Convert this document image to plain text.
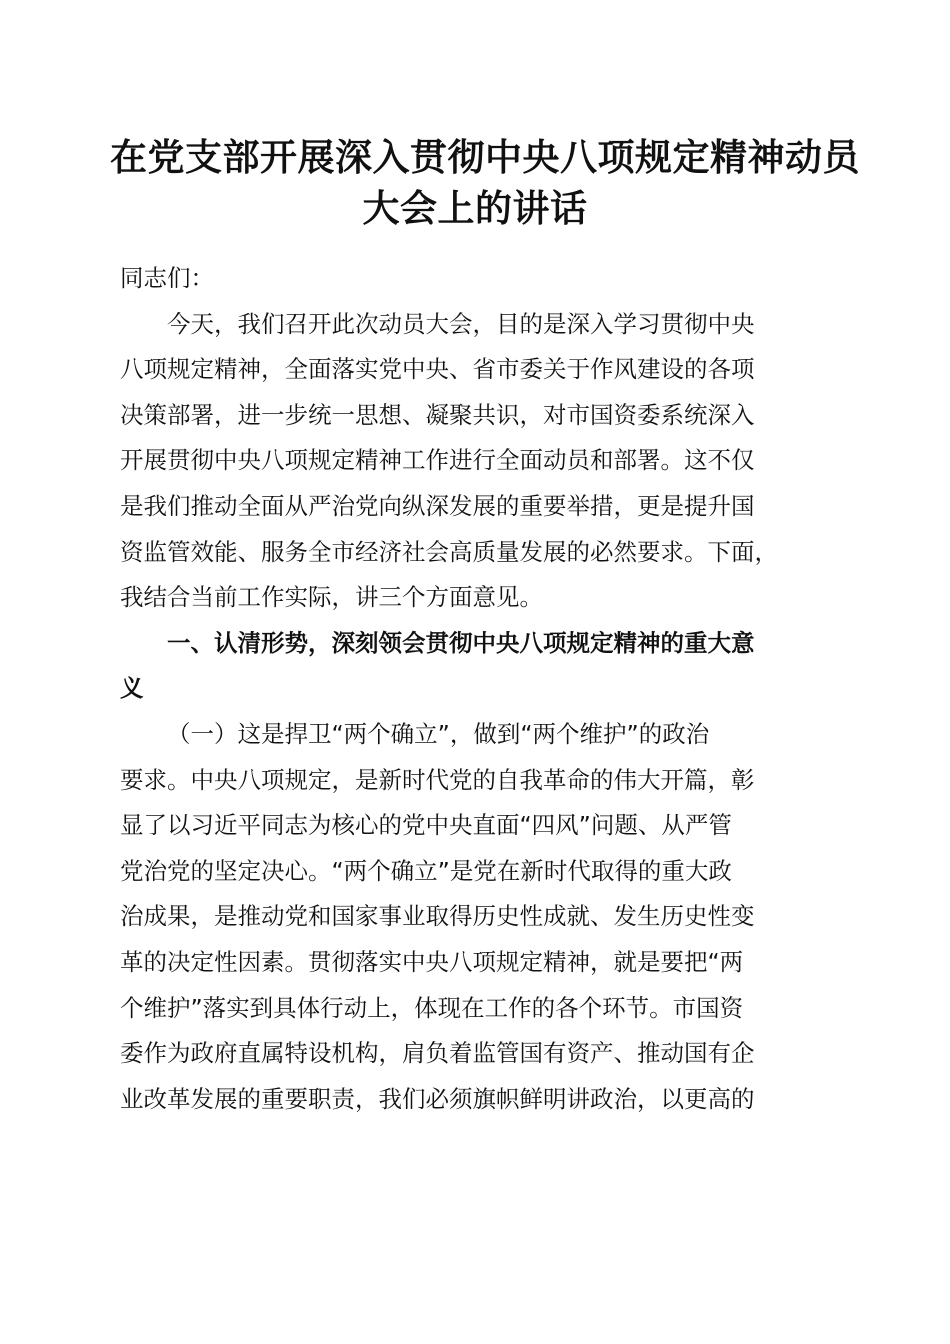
在党支部开展深入贯彻中央八项规定精神动员
大会上的讲话
同志们：
今天，我们召开此次动员大会，目的是深入学习贯彻中央
八项规定精神，全面落实党中央、省市委关于作风建设的各项
决策部署，进一步统一思想、凝聚共识，对市国资委系统深入
开展贯彻中央八项规定精神工作进行全面动员和部署。这不仅
是我们推动全面从严治党向纵深发展的重要举措，更是提升国
资监管效能、服务全市经济社会高质量发展的必然要求。下面，
我结合当前工作实际，讲三个方面意见。
一、认清形势，深刻领会贯彻中央八项规定精神的重大意
义
（一）这是捍卫“两个确立”，做到“两个维护”的政治
要求。中央八项规定，是新时代党的自我革命的伟大开篇，彰
显了以习近平同志为核心的党中央直面“四风”问题、从严管
党治党的坚定决心。“两个确立”是党在新时代取得的重大政
治成果，是推动党和国家事业取得历史性成就、发生历史性变
革的决定性因素。贯彻落实中央八项规定精神，就是要把“两
个维护”落实到具体行动上，体现在工作的各个环节。市国资
委作为政府直属特设机构，肩负着监管国有资产、推动国有企
业改革发展的重要职责，我们必须旗帜鲜明讲政治，以更高的
